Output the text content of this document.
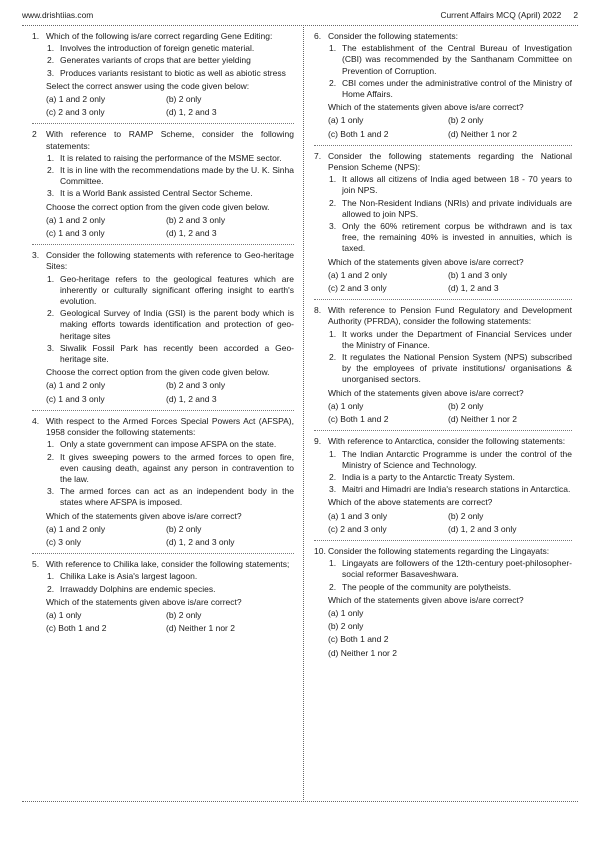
www.drishtiias.com	Current Affairs MCQ (April) 2022 2
1. Which of the following is/are correct regarding Gene Editing:
1. Involves the introduction of foreign genetic material.
2. Generates variants of crops that are better yielding
3. Produces variants resistant to biotic as well as abiotic stress
Select the correct answer using the code given below:
(a) 1 and 2 only	(b) 2 only
(c) 2 and 3 only	(d) 1, 2 and 3
2	With reference to RAMP Scheme, consider the following statements:
1. It is related to raising the performance of the MSME sector.
2. It is in line with the recommendations made by the U. K. Sinha Committee.
3. It is a World Bank assisted Central Sector Scheme.
Choose the correct option from the given code given below.
(a) 1 and 2 only	(b) 2 and 3 only
(c) 1 and 3 only	(d) 1, 2 and 3
3. Consider the following statements with reference to Geo-heritage Sites:
1. Geo-heritage refers to the geological features which are inherently or culturally significant offering insight to earth's evolution.
2. Geological Survey of India (GSI) is the parent body which is making efforts towards identification and protection of geo-heritage sites
3. Siwalik Fossil Park has recently been accorded a Geo-heritage site.
Choose the correct option from the given code given below.
(a) 1 and 2 only	(b) 2 and 3 only
(c) 1 and 3 only	(d) 1, 2 and 3
4. With respect to the Armed Forces Special Powers Act (AFSPA), 1958 consider the following statements:
1. Only a state government can impose AFSPA on the state.
2. It gives sweeping powers to the armed forces to open fire, even causing death, against any person in contravention to the law.
3. The armed forces can act as an independent body in the states where AFSPA is imposed.
Which of the statements given above is/are correct?
(a) 1 and 2 only	(b) 2 only
(c) 3 only	(d) 1, 2 and 3 only
5. With reference to Chilika lake, consider the following statements;
1. Chilika Lake is Asia's largest lagoon.
2. Irrawaddy Dolphins are endemic species.
Which of the statements given above is/are correct?
(a) 1 only	(b) 2 only
(c) Both 1 and 2	(d) Neither 1 nor 2
6. Consider the following statements:
1. The establishment of the Central Bureau of Investigation (CBI) was recommended by the Santhanam Committee on Prevention of Corruption.
2. CBI comes under the administrative control of the Ministry of Home Affairs.
Which of the statements given above is/are correct?
(a) 1 only	(b) 2 only
(c) Both 1 and 2	(d) Neither 1 nor 2
7. Consider the following statements regarding the National Pension Scheme (NPS):
1. It allows all citizens of India aged between 18 - 70 years to join NPS.
2. The Non-Resident Indians (NRIs) and private individuals are allowed to join NPS.
3. Only the 60% retirement corpus be withdrawn and is tax free, the remaining 40% is invested in annuities, which is taxed.
Which of the statements given above is/are correct?
(a) 1 and 2 only	(b) 1 and 3 only
(c) 2 and 3 only	(d) 1, 2 and 3
8. With reference to Pension Fund Regulatory and Development Authority (PFRDA), consider the following statements:
1. It works under the Department of Financial Services under the Ministry of Finance.
2. It regulates the National Pension System (NPS) subscribed by the employees of private institutions/ organisations & unorganised sectors.
Which of the statements given above is/are correct?
(a) 1 only	(b) 2 only
(c) Both 1 and 2	(d) Neither 1 nor 2
9. With reference to Antarctica, consider the following statements:
1. The Indian Antarctic Programme is under the control of the Ministry of Science and Technology.
2. India is a party to the Antarctic Treaty System.
3. Maitri and Himadri are India's research stations in Antarctica.
Which of the above statements are correct?
(a) 1 and 3 only	(b) 2 only
(c) 2 and 3 only	(d) 1, 2 and 3 only
10. Consider the following statements regarding the Lingayats:
1. Lingayats are followers of the 12th-century poet-philosopher-social reformer Basaveshwara.
2. The people of the community are polytheists.
Which of the statements given above is/are correct?
(a) 1 only
(b) 2 only
(c) Both 1 and 2
(d) Neither 1 nor 2
